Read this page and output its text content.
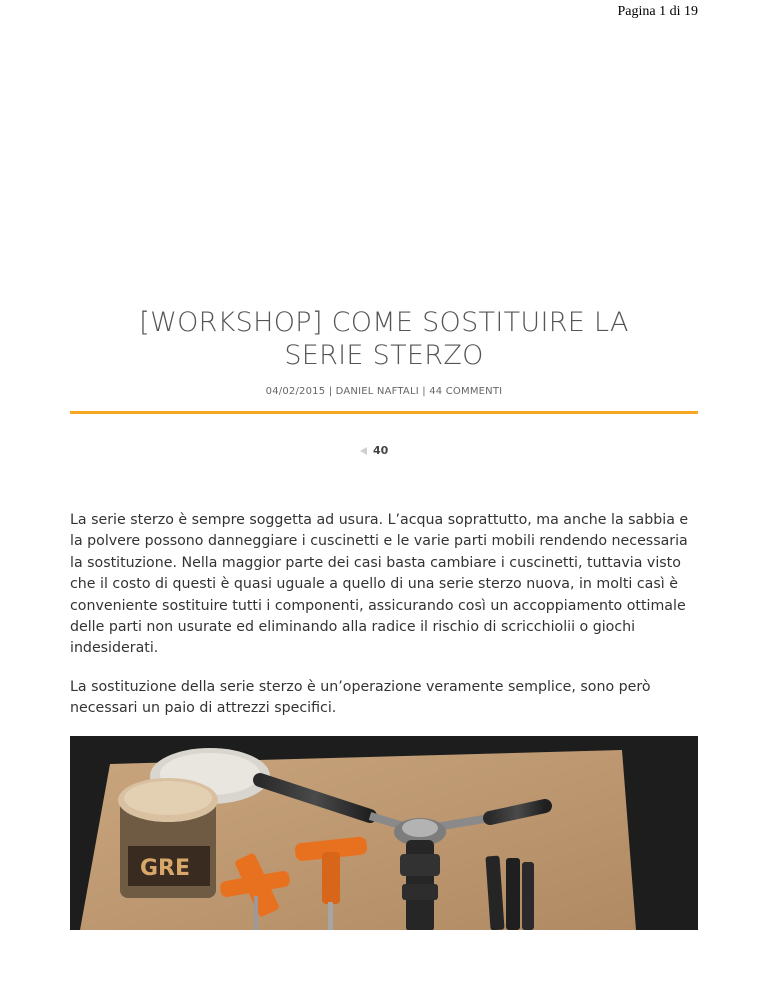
Pagina 1 di 19
[WORKSHOP] COME SOSTITUIRE LA
SERIE STERZO
04/02/2015 | DANIEL NAFTALI | 44 COMMENTI
40

La serie sterzo è sempre soggetta ad usura. L’acqua soprattutto, ma anche la sabbia e la polvere possono danneggiare i cuscinetti e le varie parti mobili rendendo necessaria la sostituzione. Nella maggior parte dei casi basta cambiare i cuscinetti, tuttavia visto che il costo di questi è quasi uguale a quello di una serie sterzo nuova, in molti casì è conveniente sostituire tutti i componenti, assicurando così un accoppiamento ottimale delle parti non usurate ed eliminando alla radice il rischio di scricchiolii o giochi indesiderati.

La sostituzione della serie sterzo è un’operazione veramente semplice, sono però necessari un paio di attrezzi specifici.

GRE
